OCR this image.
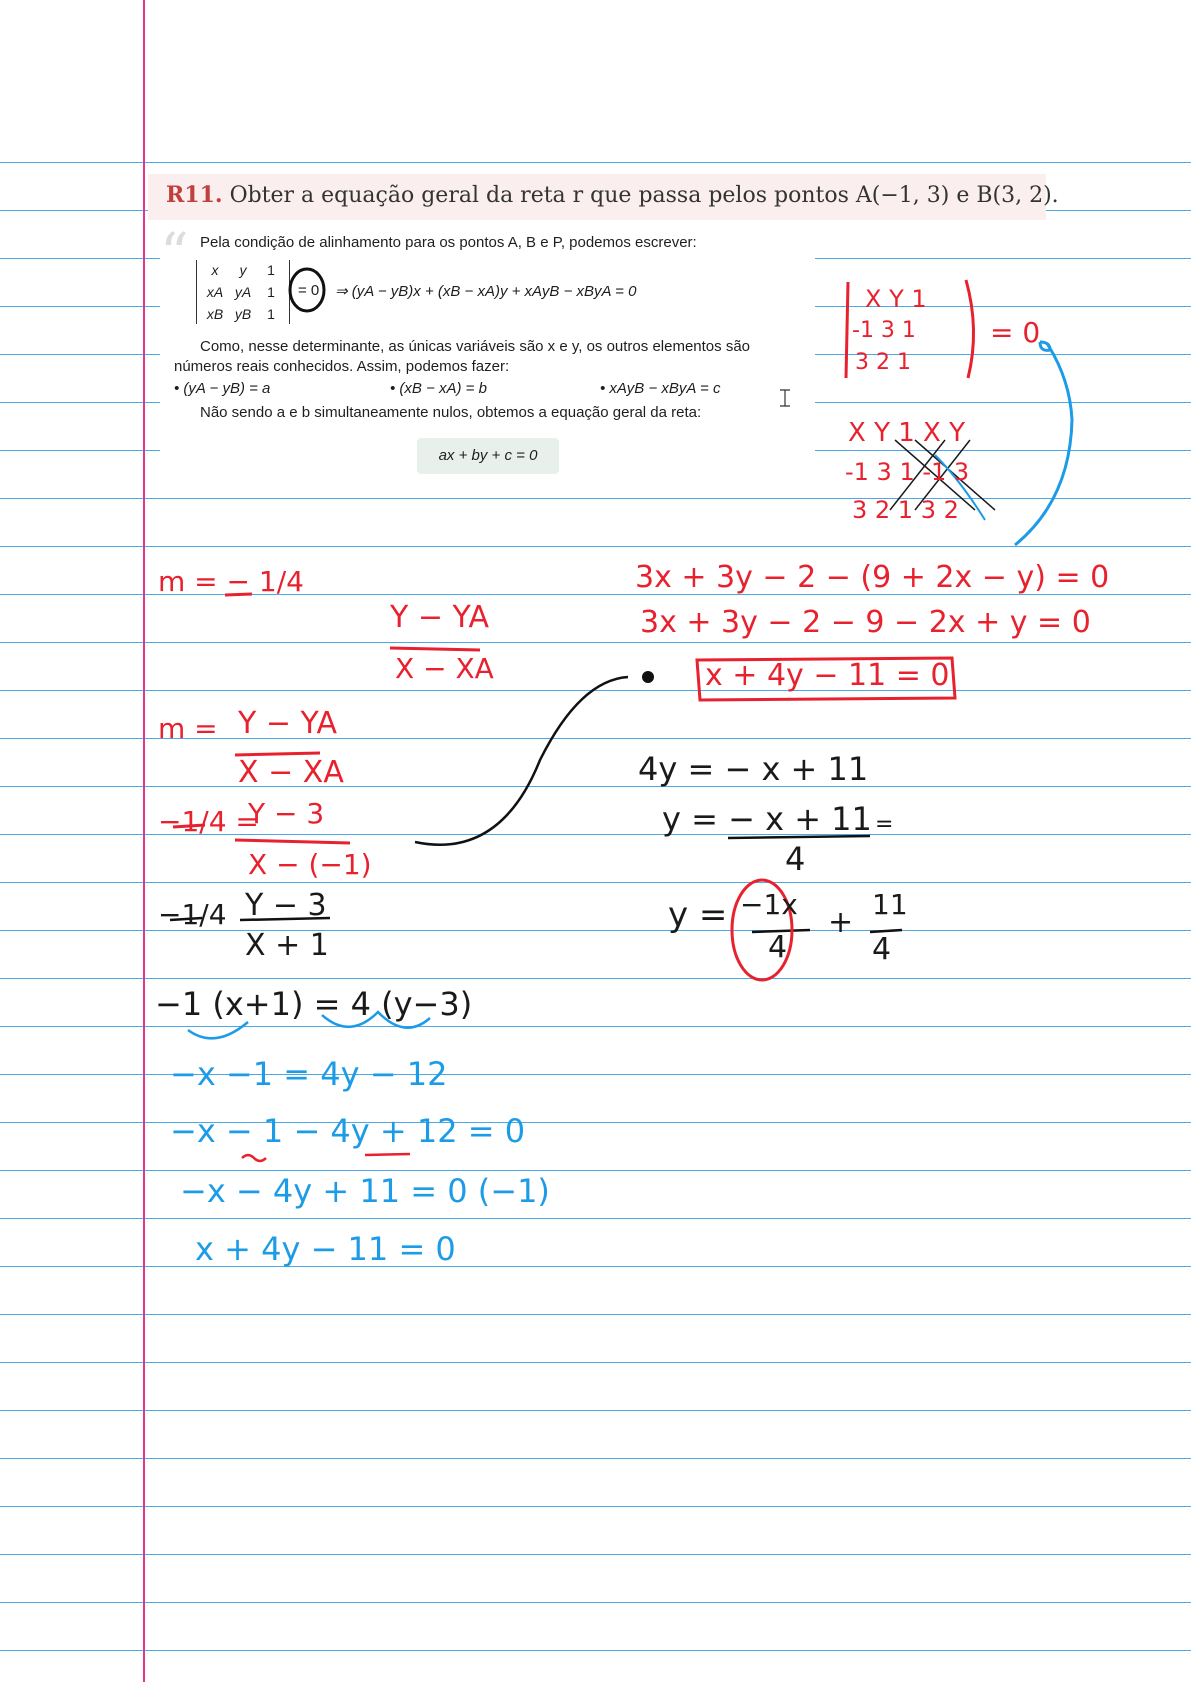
R11. Obter a equação geral da reta r que passa pelos pontos A(−1, 3) e B(3, 2).
“ Pela condição de alinhamento para os pontos A, B e P, podemos escrever:
x	y	1
xA yA	1
xB yB	1
= 0 ⇒ (yA − yB)x + (xB − xA)y + xAyB − xByA = 0
Como, nesse determinante, as únicas variáveis são x e y, os outros elementos são
números reais conhecidos. Assim, podemos fazer:
• (yA − yB) = a	• (xB − xA) = b	• xAyB − xByA = c
Não sendo a e b simultaneamente nulos, obtemos a equação geral da reta:
ax + by + c = 0
X Y 1
-1 3 1
3 2 1
= 0
X Y 1 X Y
-1 3 1 -1 3
3 2 1 3 2
3x + 3y − 2 − (9 + 2x − y) = 0
3x + 3y − 2 − 9 − 2x + y = 0
x + 4y − 11 = 0
m = − 1/4
Y − YA
X − XA
m = Y − YA
X − XA
−1/4 =
Y − 3
X − (−1)
−1/4 Y − 3
X + 1
−1 (x+1) = 4 (y−3)
−x −1 = 4y − 12
−x − 1 − 4y + 12 = 0
−x − 4y + 11 = 0 (−1)
x + 4y − 11 = 0
4y = − x + 11
y = − x + 11
4
=
y = −1x
4
+
11
4
